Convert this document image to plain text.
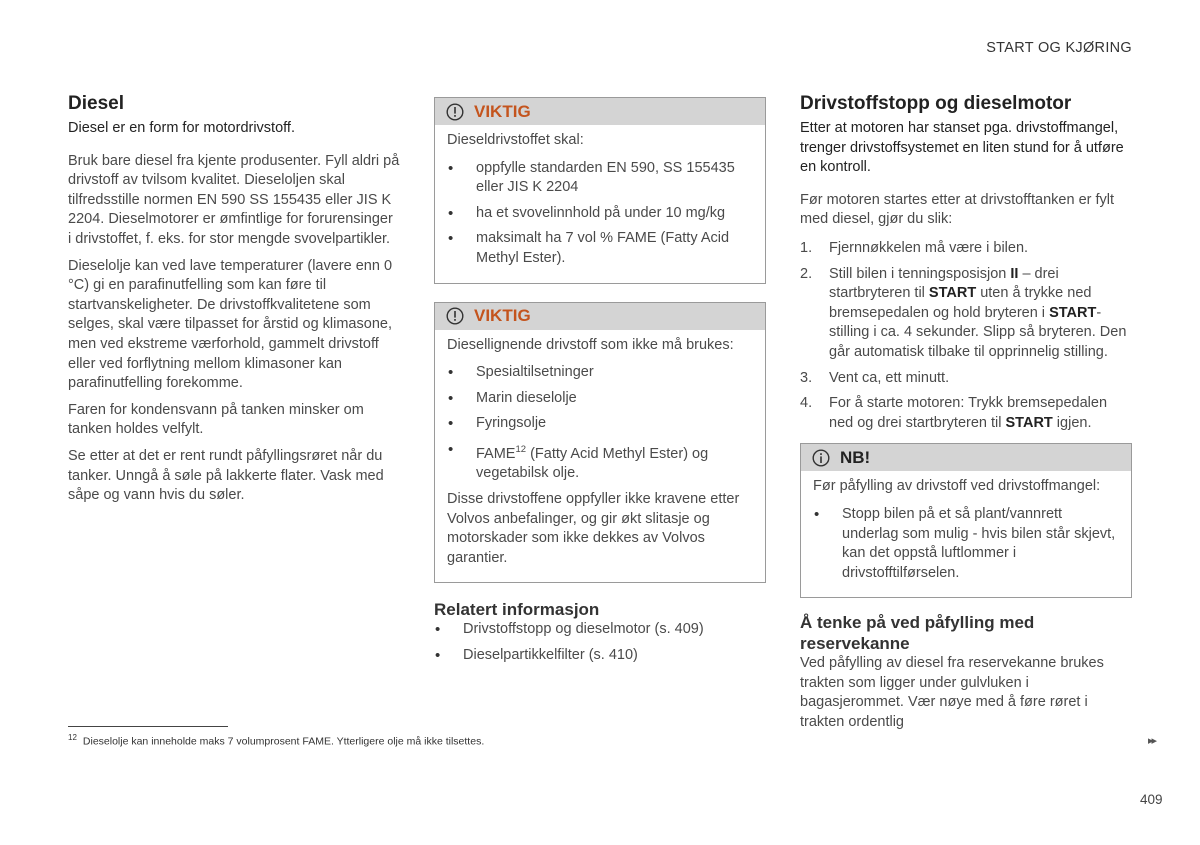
START OG KJØRING
Diesel
Diesel er en form for motordrivstoff.

Bruk bare diesel fra kjente produsenter. Fyll aldri på drivstoff av tvilsom kvalitet. Dieseloljen skal tilfredsstille normen EN 590 SS 155435 eller JIS K 2204. Dieselmotorer er ømfintlige for forurensinger i drivstoffet, f. eks. for stor mengde svovelpartikler.

Dieselolje kan ved lave temperaturer (lavere enn 0 °C) gi en parafinutfelling som kan føre til startvanskeligheter. De drivstoffkvalitetene som selges, skal være tilpasset for årstid og klimasone, men ved ekstreme værforhold, gammelt drivstoff eller ved forflytning mellom klimasoner kan parafinutfelling forekomme.

Faren for kondensvann på tanken minsker om tanken holdes velfylt.

Se etter at det er rent rundt påfyllingsrøret når du tanker. Unngå å søle på lakkerte flater. Vask med såpe og vann hvis du søler.

VIKTIG

Dieseldrivstoffet skal:

• oppfylle standarden EN 590, SS 155435 eller JIS K 2204
• ha et svovelinnhold på under 10 mg/kg
• maksimalt ha 7 vol % FAME (Fatty Acid Methyl Ester).
VIKTIG

Diesellignende drivstoff som ikke må brukes:

• Spesialtilsetninger
• Marin dieselolje
• Fyringsolje
• FAME$^{12}$ (Fatty Acid Methyl Ester) og vegetabilsk olje.

Disse drivstoffene oppfyller ikke kravene etter Volvos anbefalinger, og gir økt slitasje og motorskader som ikke dekkes av Volvos garantier.

Relatert informasjon
• Drivstoffstopp og dieselmotor (s. 409)
• Dieselpartikkelfilter (s. 410)
Drivstoffstopp og dieselmotor
Etter at motoren har stanset pga. drivstoffmangel, trenger drivstoffsystemet en liten stund for å utføre en kontroll.

Før motoren startes etter at drivstofftanken er fylt med diesel, gjør du slik:

1. Fjernnøkkelen må være i bilen.
2. Still bilen i tenningsposisjon II – drei startbryteren til START uten å trykke ned bremsepedalen og hold bryteren i START-stilling i ca. 4 sekunder. Slipp så bryteren. Den går automatisk tilbake til opprinnelig stilling.
3. Vent ca, ett minutt.
4. For å starte motoren: Trykk bremsepedalen ned og drei startbryteren til START igjen.
NB!

Før påfylling av drivstoff ved drivstoffmangel:

• Stopp bilen på et så plant/vannrett underlag som mulig - hvis bilen står skjevt, kan det oppstå luftlommer i drivstofftilførselen.
Å tenke på ved påfylling med reservekanne

Ved påfylling av diesel fra reservekanne brukes trakten som ligger under gulvluken i bagasjerommet. Vær nøye med å føre røret i trakten ordentlig

$^{12}$ Dieselolje kan inneholde maks 7 volumprosent FAME. Ytterligere olje må ikke tilsettes.	▸▸
409
